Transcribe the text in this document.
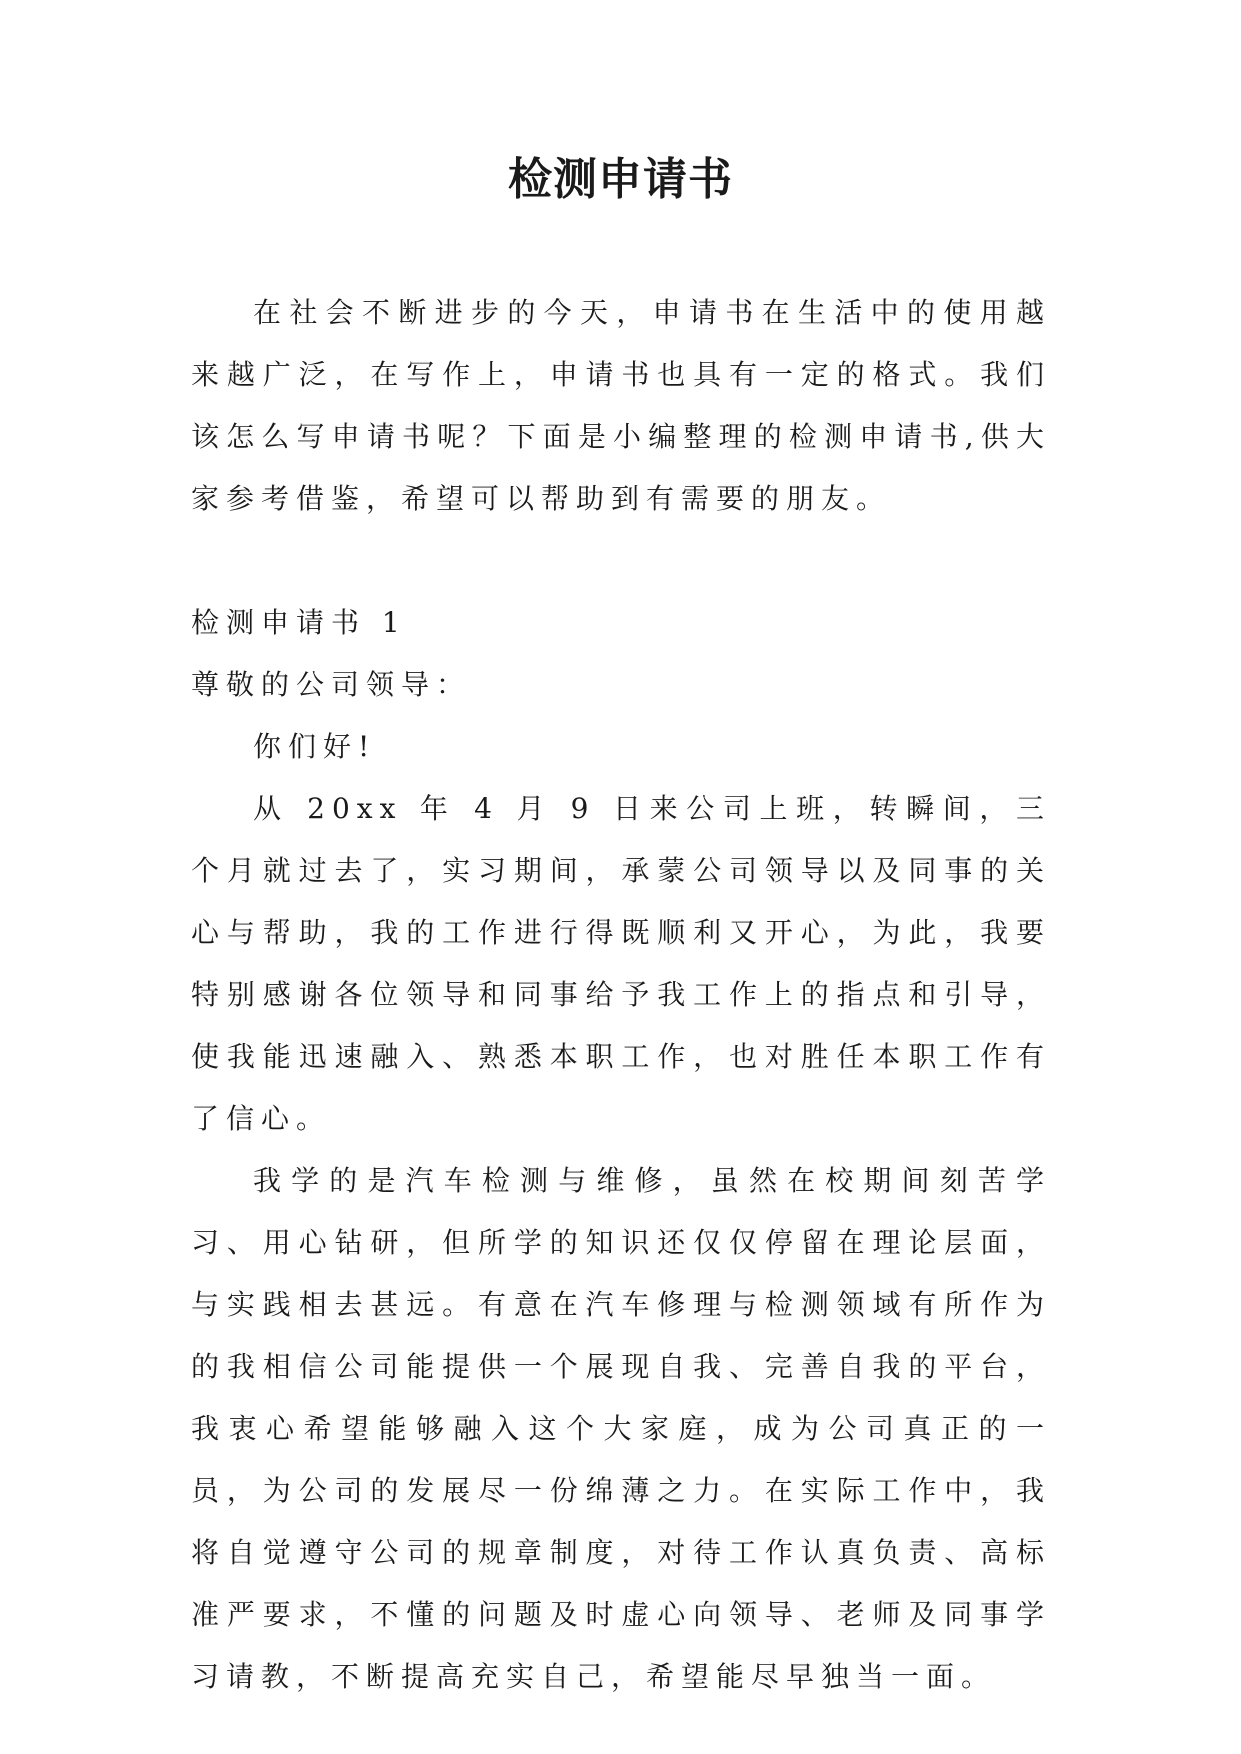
检测申请书

在社会不断进步的今天，申请书在生活中的使用越来越广泛，在写作上，申请书也具有一定的格式。我们该怎么写申请书呢？下面是小编整理的检测申请书,供大家参考借鉴，希望可以帮助到有需要的朋友。

检测申请书 1

尊敬的公司领导：

你们好!

从 20xx 年 4 月 9 日来公司上班，转瞬间，三个月就过去了，实习期间，承蒙公司领导以及同事的关心与帮助，我的工作进行得既顺利又开心，为此，我要特别感谢各位领导和同事给予我工作上的指点和引导，使我能迅速融入、熟悉本职工作，也对胜任本职工作有了信心。

我学的是汽车检测与维修，虽然在校期间刻苦学习、用心钻研，但所学的知识还仅仅停留在理论层面，与实践相去甚远。有意在汽车修理与检测领域有所作为的我相信公司能提供一个展现自我、完善自我的平台，我衷心希望能够融入这个大家庭，成为公司真正的一员，为公司的发展尽一份绵薄之力。在实际工作中，我将自觉遵守公司的规章制度，对待工作认真负责、高标准严要求，不懂的问题及时虚心向领导、老师及同事学习请教，不断提高充实自己，希望能尽早独当一面。
